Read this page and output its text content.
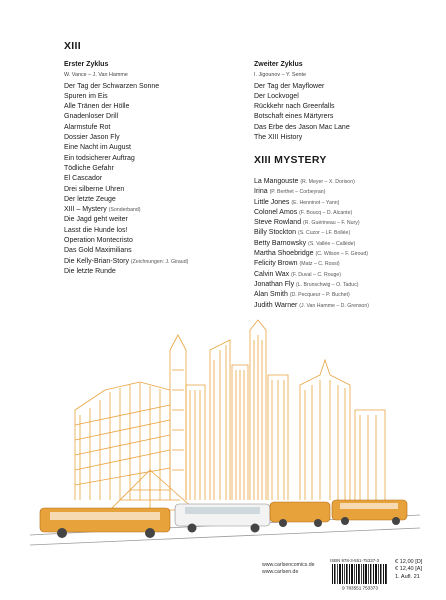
XIII
Erster Zyklus
W. Vance – J. Van Hamme
Der Tag der Schwarzen Sonne
Spuren im Eis
Alle Tränen der Hölle
Gnadenloser Drill
Alarmstufe Rot
Dossier Jason Fly
Eine Nacht im August
Ein todsicherer Auftrag
Tödliche Gefahr
El Cascador
Drei silberne Uhren
Der letzte Zeuge
XIII – Mystery (Sonderband)
Die Jagd geht weiter
Lasst die Hunde los!
Operation Montecristo
Das Gold Maximilians
Die Kelly-Brian-Story (Zeichnungen: J. Giraud)
Die letzte Runde
Zweiter Zyklus
I. Jigounov – Y. Sente
Der Tag der Mayflower
Der Lockvogel
Rückkehr nach Greenfalls
Botschaft eines Märtyrers
Das Erbe des Jason Mac Lane
The XIII History
XIII MYSTERY
La Mangouste (R. Meyer – X. Dorison)
Irina (P. Berthet – Corbeyran)
Little Jones (E. Henninot – Yann)
Colonel Amos (F. Boucq – D. Alcante)
Steve Rowland (R. Guérineau – F. Nury)
Billy Stockton (S. Cuzor – LF. Bollée)
Betty Barnowsky (S. Vallée – Callède)
Martha Shoebridge (C. Wilson – F. Giroud)
Felicity Brown (Matz – C. Rossi)
Calvin Wax (F. Duval – C. Rouge)
Jonathan Fly (L. Brunschwig – O. Taduc)
Alan Smith (D. Pecqueur – P. Buchet)
Judith Warner (J. Van Hamme – D. Grenson)
www.carlsencomics.de
www.carlsen.de
ISBN 978-3-551-75337-3
9 783551 753373
€ 12,00 [D]
€ 12,40 [A]
1. Aufl. 21
